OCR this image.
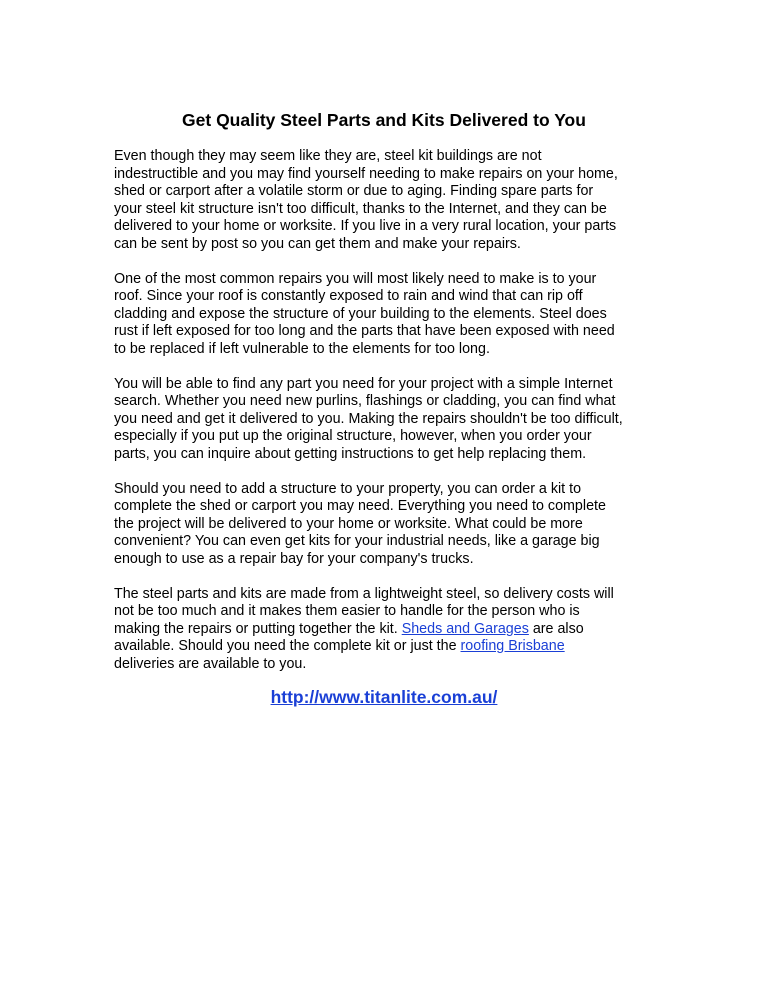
Get Quality Steel Parts and Kits Delivered to You

Even though they may seem like they are, steel kit buildings are not
indestructible and you may find yourself needing to make repairs on your home,
shed or carport after a volatile storm or due to aging. Finding spare parts for
your steel kit structure isn't too difficult, thanks to the Internet, and they can be
delivered to your home or worksite. If you live in a very rural location, your parts
can be sent by post so you can get them and make your repairs.

One of the most common repairs you will most likely need to make is to your
roof. Since your roof is constantly exposed to rain and wind that can rip off
cladding and expose the structure of your building to the elements. Steel does
rust if left exposed for too long and the parts that have been exposed with need
to be replaced if left vulnerable to the elements for too long.

You will be able to find any part you need for your project with a simple Internet
search. Whether you need new purlins, flashings or cladding, you can find what
you need and get it delivered to you. Making the repairs shouldn't be too difficult,
especially if you put up the original structure, however, when you order your
parts, you can inquire about getting instructions to get help replacing them.

Should you need to add a structure to your property, you can order a kit to
complete the shed or carport you may need. Everything you need to complete
the project will be delivered to your home or worksite. What could be more
convenient? You can even get kits for your industrial needs, like a garage big
enough to use as a repair bay for your company's trucks.

The steel parts and kits are made from a lightweight steel, so delivery costs will
not be too much and it makes them easier to handle for the person who is
making the repairs or putting together the kit. Sheds and Garages are also
available. Should you need the complete kit or just the roofing Brisbane
deliveries are available to you.

http://www.titanlite.com.au/
